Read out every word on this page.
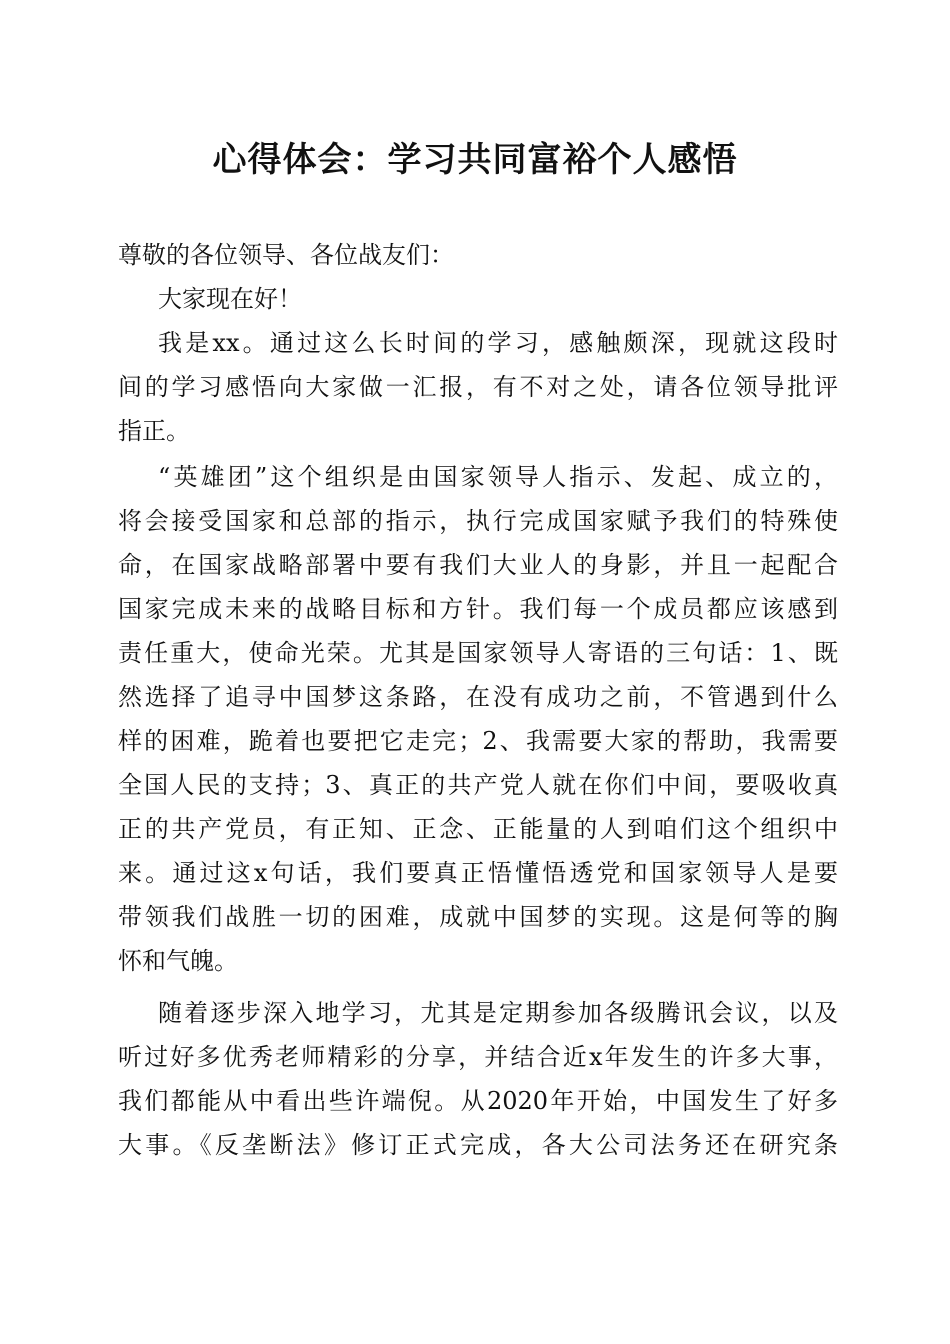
心得体会：学习共同富裕个人感悟

尊敬的各位领导、各位战友们：

大家现在好！

我是xx。通过这么长时间的学习，感触颇深，现就这段时

间的学习感悟向大家做一汇报，有不对之处，请各位领导批评

指正。

“英雄团”这个组织是由国家领导人指示、发起、成立的，

将会接受国家和总部的指示，执行完成国家赋予我们的特殊使

命，在国家战略部署中要有我们大业人的身影，并且一起配合

国家完成未来的战略目标和方针。我们每一个成员都应该感到

责任重大，使命光荣。尤其是国家领导人寄语的三句话：1、既

然选择了追寻中国梦这条路，在没有成功之前，不管遇到什么

样的困难，跪着也要把它走完；2、我需要大家的帮助，我需要

全国人民的支持；3、真正的共产党人就在你们中间，要吸收真

正的共产党员，有正知、正念、正能量的人到咱们这个组织中

来。通过这x句话，我们要真正悟懂悟透党和国家领导人是要

带领我们战胜一切的困难，成就中国梦的实现。这是何等的胸

怀和气魄。

随着逐步深入地学习，尤其是定期参加各级腾讯会议，以及

听过好多优秀老师精彩的分享，并结合近x年发生的许多大事，

我们都能从中看出些许端倪。从2020年开始，中国发生了好多

大事。《反垄断法》修订正式完成，各大公司法务还在研究条
